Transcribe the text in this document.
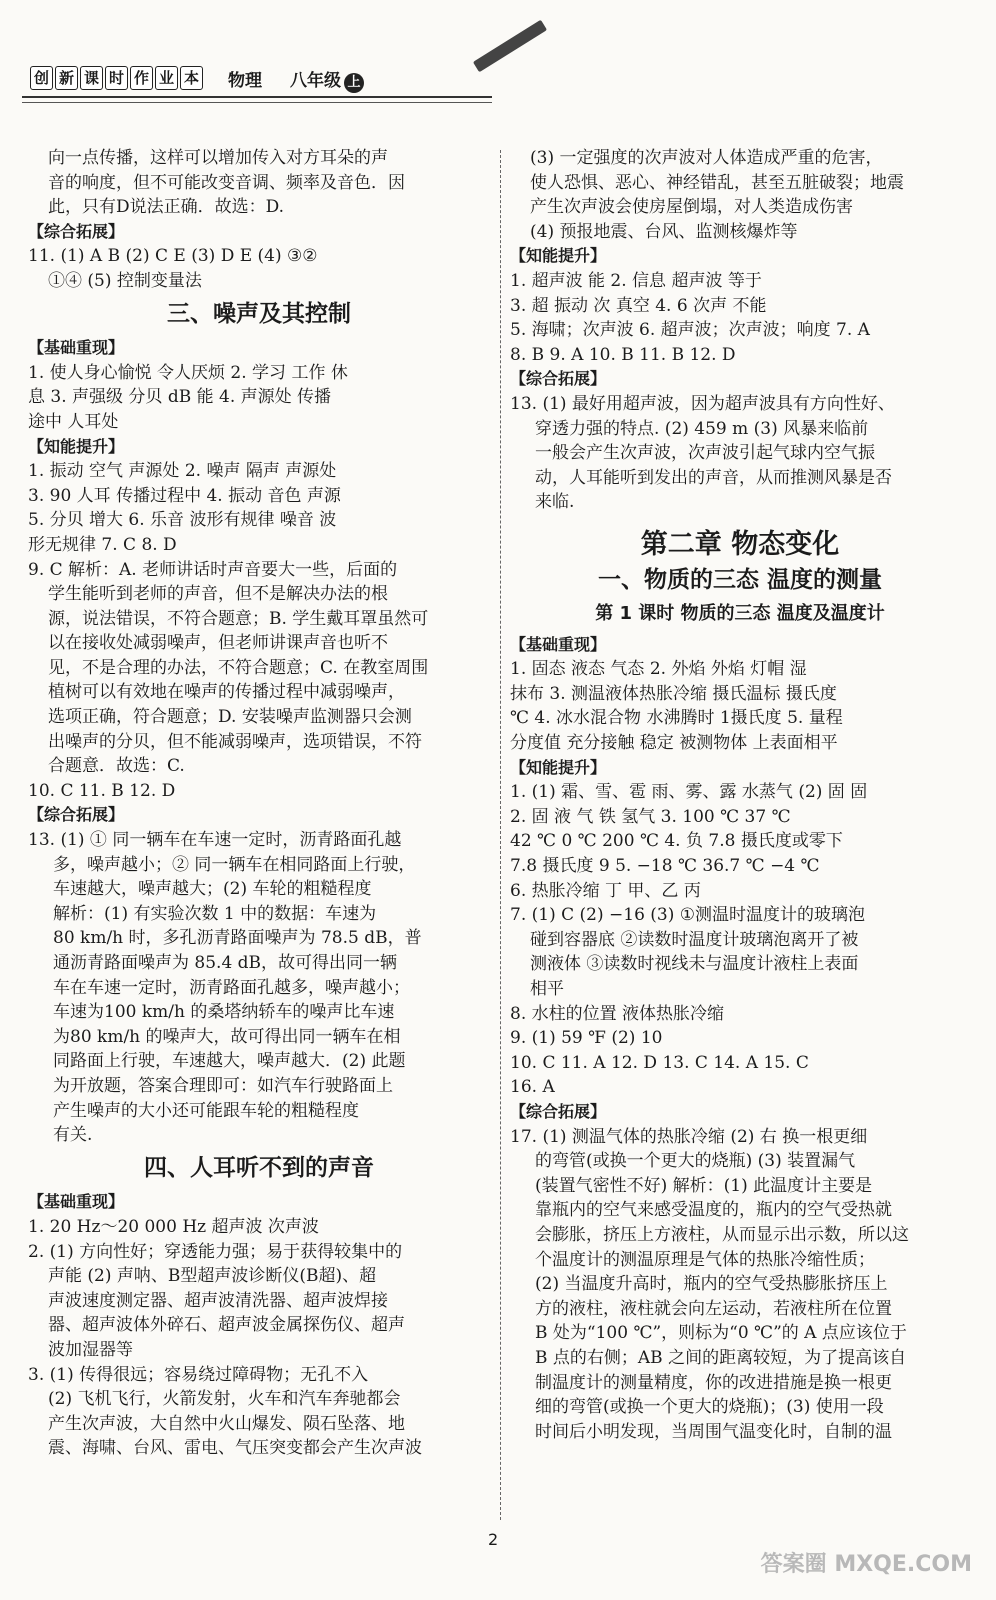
创 新 课 时 作 业 本 物理 八年级 上
向一点传播，这样可以增加传入对方耳朵的声
音的响度，但不可能改变音调、频率及音色．因
此，只有D说法正确．故选：D.
【综合拓展】
11. (1) A B (2) C E (3) D E (4) ③②
①④ (5) 控制变量法
三、噪声及其控制
【基础重现】
1. 使人身心愉悦 令人厌烦 2. 学习 工作 休
息 3. 声强级 分贝 dB 能 4. 声源处 传播
途中 人耳处
【知能提升】
1. 振动 空气 声源处 2. 噪声 隔声 声源处
3. 90 人耳 传播过程中 4. 振动 音色 声源
5. 分贝 增大 6. 乐音 波形有规律 噪音 波
形无规律 7. C 8. D
9. C 解析：A. 老师讲话时声音要大一些，后面的
学生能听到老师的声音，但不是解决办法的根
源，说法错误，不符合题意；B. 学生戴耳罩虽然可
以在接收处减弱噪声，但老师讲课声音也听不
见，不是合理的办法，不符合题意；C. 在教室周围
植树可以有效地在噪声的传播过程中减弱噪声，
选项正确，符合题意；D. 安装噪声监测器只会测
出噪声的分贝，但不能减弱噪声，选项错误，不符
合题意．故选：C.
10. C 11. B 12. D
【综合拓展】
13. (1) ① 同一辆车在车速一定时，沥青路面孔越
多，噪声越小；② 同一辆车在相同路面上行驶，
车速越大，噪声越大；(2) 车轮的粗糙程度
解析：(1) 有实验次数 1 中的数据：车速为
80 km/h 时，多孔沥青路面噪声为 78.5 dB，普
通沥青路面噪声为 85.4 dB，故可得出同一辆
车在车速一定时，沥青路面孔越多，噪声越小；
车速为100 km/h 的桑塔纳轿车的噪声比车速
为80 km/h 的噪声大，故可得出同一辆车在相
同路面上行驶，车速越大，噪声越大．(2) 此题
为开放题，答案合理即可：如汽车行驶路面上
产生噪声的大小还可能跟车轮的粗糙程度
有关.
四、人耳听不到的声音
【基础重现】
1. 20 Hz～20 000 Hz 超声波 次声波
2. (1) 方向性好；穿透能力强；易于获得较集中的
声能 (2) 声呐、B型超声波诊断仪(B超)、超
声波速度测定器、超声波清洗器、超声波焊接
器、超声波体外碎石、超声波金属探伤仪、超声
波加湿器等
3. (1) 传得很远；容易绕过障碍物；无孔不入
(2) 飞机飞行，火箭发射，火车和汽车奔驰都会
产生次声波，大自然中火山爆发、陨石坠落、地
震、海啸、台风、雷电、气压突变都会产生次声波
(3) 一定强度的次声波对人体造成严重的危害，
使人恐惧、恶心、神经错乱，甚至五脏破裂；地震
产生次声波会使房屋倒塌，对人类造成伤害
(4) 预报地震、台风、监测核爆炸等
【知能提升】
1. 超声波 能 2. 信息 超声波 等于
3. 超 振动 次 真空 4. 6 次声 不能
5. 海啸；次声波 6. 超声波；次声波；响度 7. A
8. B 9. A 10. B 11. B 12. D
【综合拓展】
13. (1) 最好用超声波，因为超声波具有方向性好、
穿透力强的特点. (2) 459 m (3) 风暴来临前
一般会产生次声波，次声波引起气球内空气振
动，人耳能听到发出的声音，从而推测风暴是否
来临.
第二章 物态变化
一、物质的三态 温度的测量
第 1 课时 物质的三态 温度及温度计
【基础重现】
1. 固态 液态 气态 2. 外焰 外焰 灯帽 湿
抹布 3. 测温液体热胀冷缩 摄氏温标 摄氏度
℃ 4. 冰水混合物 水沸腾时 1摄氏度 5. 量程
分度值 充分接触 稳定 被测物体 上表面相平
【知能提升】
1. (1) 霜、雪、雹 雨、雾、露 水蒸气 (2) 固 固
2. 固 液 气 铁 氢气 3. 100 ℃ 37 ℃
42 ℃ 0 ℃ 200 ℃ 4. 负 7.8 摄氏度或零下
7.8 摄氏度 9 5. −18 ℃ 36.7 ℃ −4 ℃
6. 热胀冷缩 丁 甲、乙 丙
7. (1) C (2) −16 (3) ①测温时温度计的玻璃泡
碰到容器底 ②读数时温度计玻璃泡离开了被
测液体 ③读数时视线未与温度计液柱上表面
相平
8. 水柱的位置 液体热胀冷缩
9. (1) 59 ℉ (2) 10
10. C 11. A 12. D 13. C 14. A 15. C
16. A
【综合拓展】
17. (1) 测温气体的热胀冷缩 (2) 右 换一根更细
的弯管(或换一个更大的烧瓶) (3) 装置漏气
(装置气密性不好) 解析：(1) 此温度计主要是
靠瓶内的空气来感受温度的，瓶内的空气受热就
会膨胀，挤压上方液柱，从而显示出示数，所以这
个温度计的测温原理是气体的热胀冷缩性质；
(2) 当温度升高时，瓶内的空气受热膨胀挤压上
方的液柱，液柱就会向左运动，若液柱所在位置
B 处为“100 ℃”，则标为“0 ℃”的 A 点应该位于
B 点的右侧；AB 之间的距离较短，为了提高该自
制温度计的测量精度，你的改进措施是换一根更
细的弯管(或换一个更大的烧瓶)；(3) 使用一段
时间后小明发现，当周围气温变化时，自制的温
2
答案圈 MXQE.COM
